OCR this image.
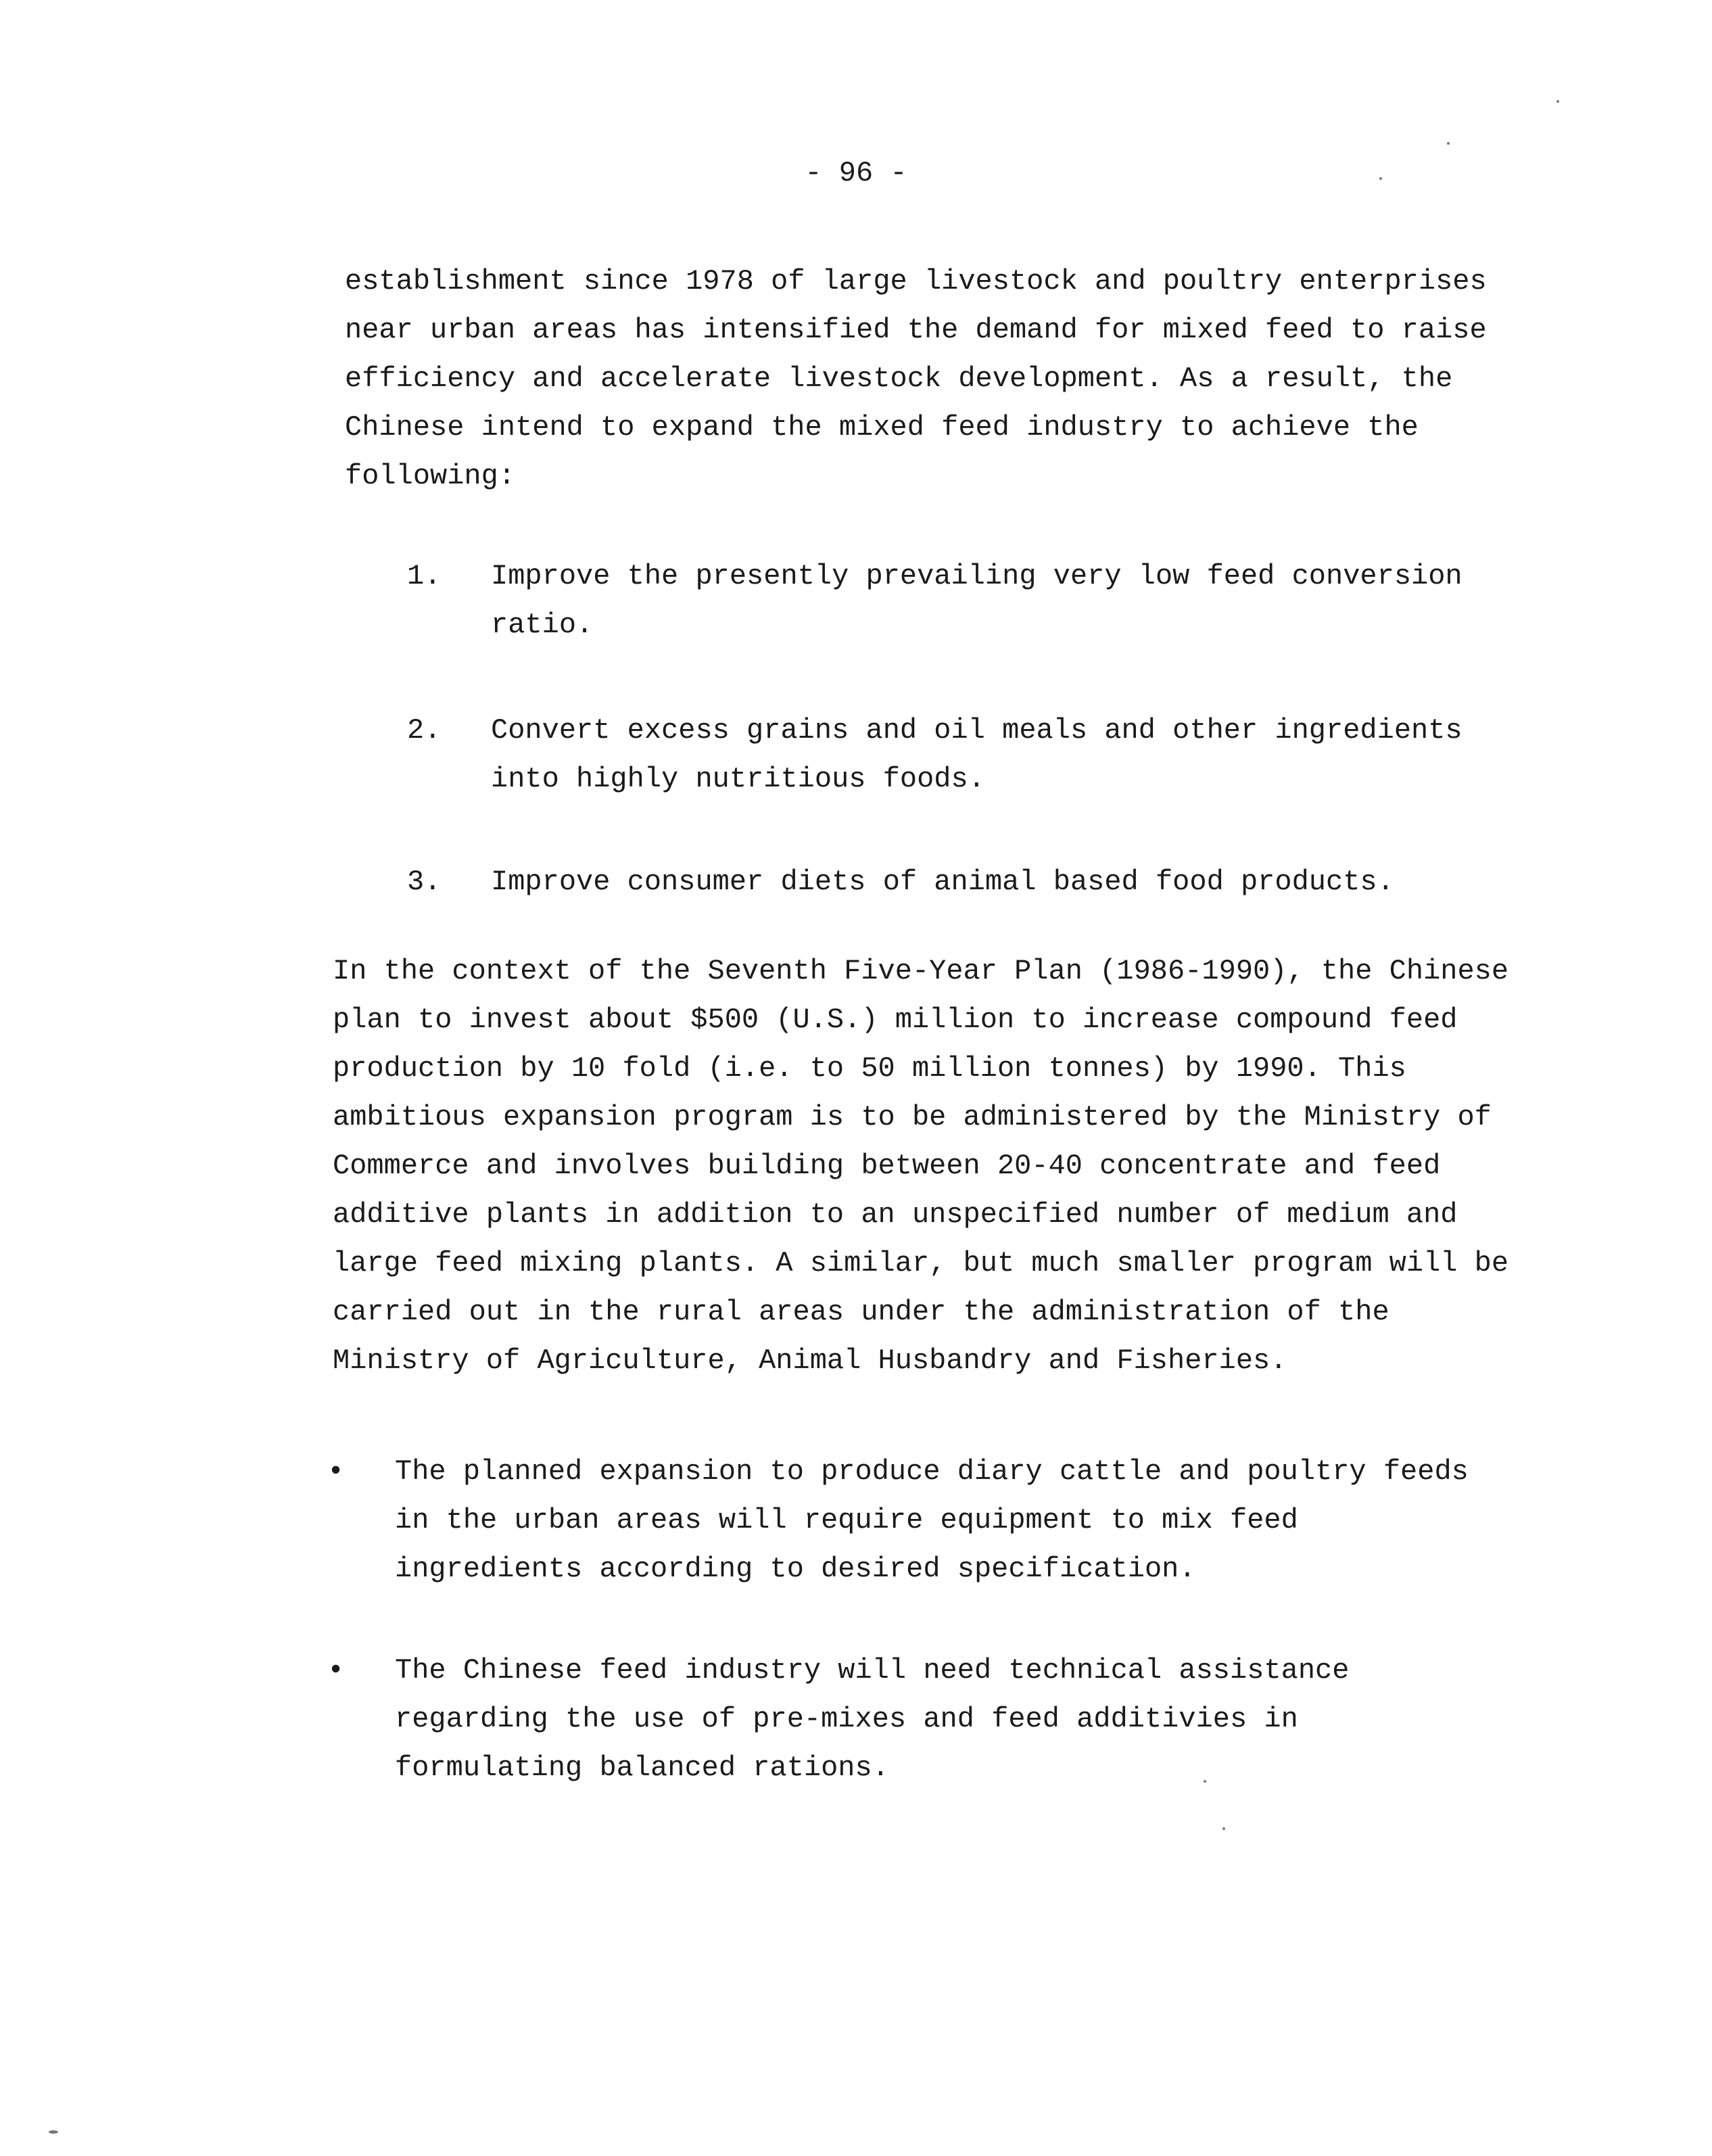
- 96 -

establishment since 1978 of large livestock and poultry enterprises near urban areas has intensified the demand for mixed feed to raise efficiency and accelerate livestock development. As a result, the Chinese intend to expand the mixed feed industry to achieve the following:

1. Improve the presently prevailing very low feed conversion ratio.
2. Convert excess grains and oil meals and other ingredients into highly nutritious foods.
3. Improve consumer diets of animal based food products.

In the context of the Seventh Five-Year Plan (1986-1990), the Chinese plan to invest about $500 (U.S.) million to increase compound feed production by 10 fold (i.e. to 50 million tonnes) by 1990. This ambitious expansion program is to be administered by the Ministry of Commerce and involves building between 20-40 concentrate and feed additive plants in addition to an unspecified number of medium and large feed mixing plants. A similar, but much smaller program will be carried out in the rural areas under the administration of the Ministry of Agriculture, Animal Husbandry and Fisheries.

• The planned expansion to produce diary cattle and poultry feeds in the urban areas will require equipment to mix feed ingredients according to desired specification.
• The Chinese feed industry will need technical assistance regarding the use of pre-mixes and feed additivies in formulating balanced rations.
